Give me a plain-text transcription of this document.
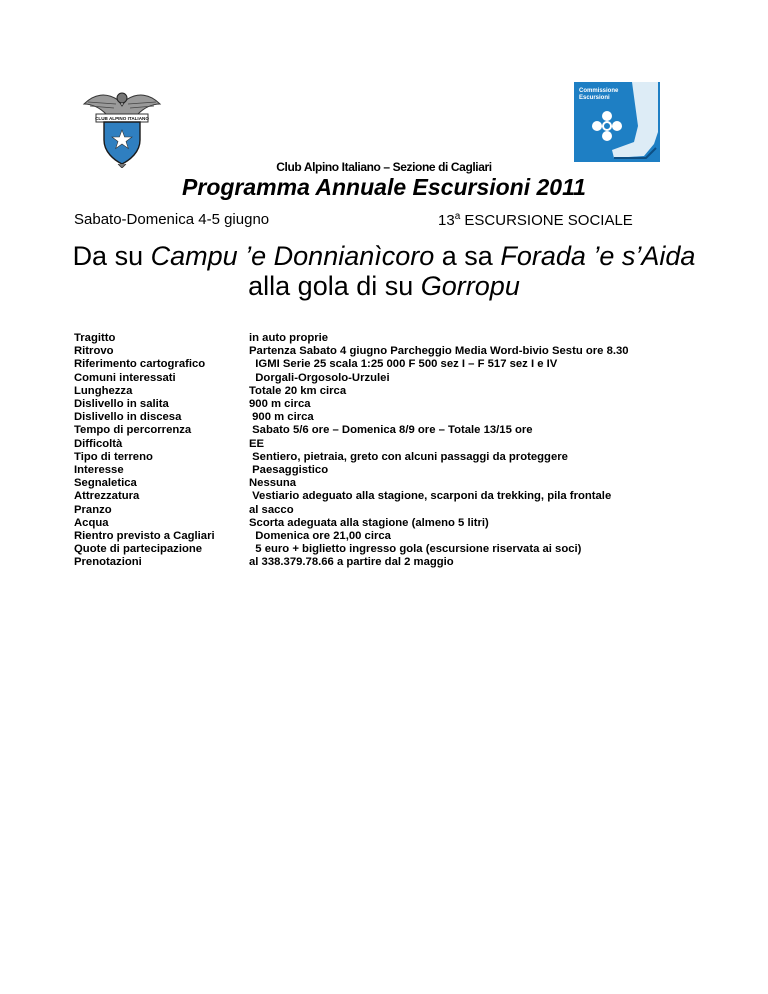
CLUB ALPINO ITALIANO
Commissione
Escursioni
Club Alpino Italiano – Sezione di Cagliari
Programma Annuale Escursioni 2011
Sabato-Domenica 4-5 giugno	13$^a$ ESCURSIONE SOCIALE
Da su Campu ’e Donnianìcoro a sa Forada ’e s’Aida alla gola di su Gorropu
Tragitto	in auto proprie
Ritrovo	Partenza Sabato 4 giugno Parcheggio Media Word-bivio Sestu ore 8.30
Riferimento cartografico	IGMI Serie 25 scala 1:25 000 F 500 sez I – F 517 sez I e IV
Comuni interessati	Dorgali-Orgosolo-Urzulei
Lunghezza	Totale 20 km circa
Dislivello in salita	900 m circa
Dislivello in discesa	900 m circa
Tempo di percorrenza	Sabato 5/6 ore – Domenica 8/9 ore – Totale 13/15 ore
Difficoltà	EE
Tipo di terreno	Sentiero, pietraia, greto con alcuni passaggi da proteggere
Interesse	Paesaggistico
Segnaletica	Nessuna
Attrezzatura	Vestiario adeguato alla stagione, scarponi da trekking, pila frontale
Pranzo	al sacco
Acqua	Scorta adeguata alla stagione (almeno 5 litri)
Rientro previsto a Cagliari	Domenica ore 21,00 circa
Quote di partecipazione	5 euro + biglietto ingresso gola (escursione riservata ai soci)
Prenotazioni	al 338.379.78.66 a partire dal 2 maggio
